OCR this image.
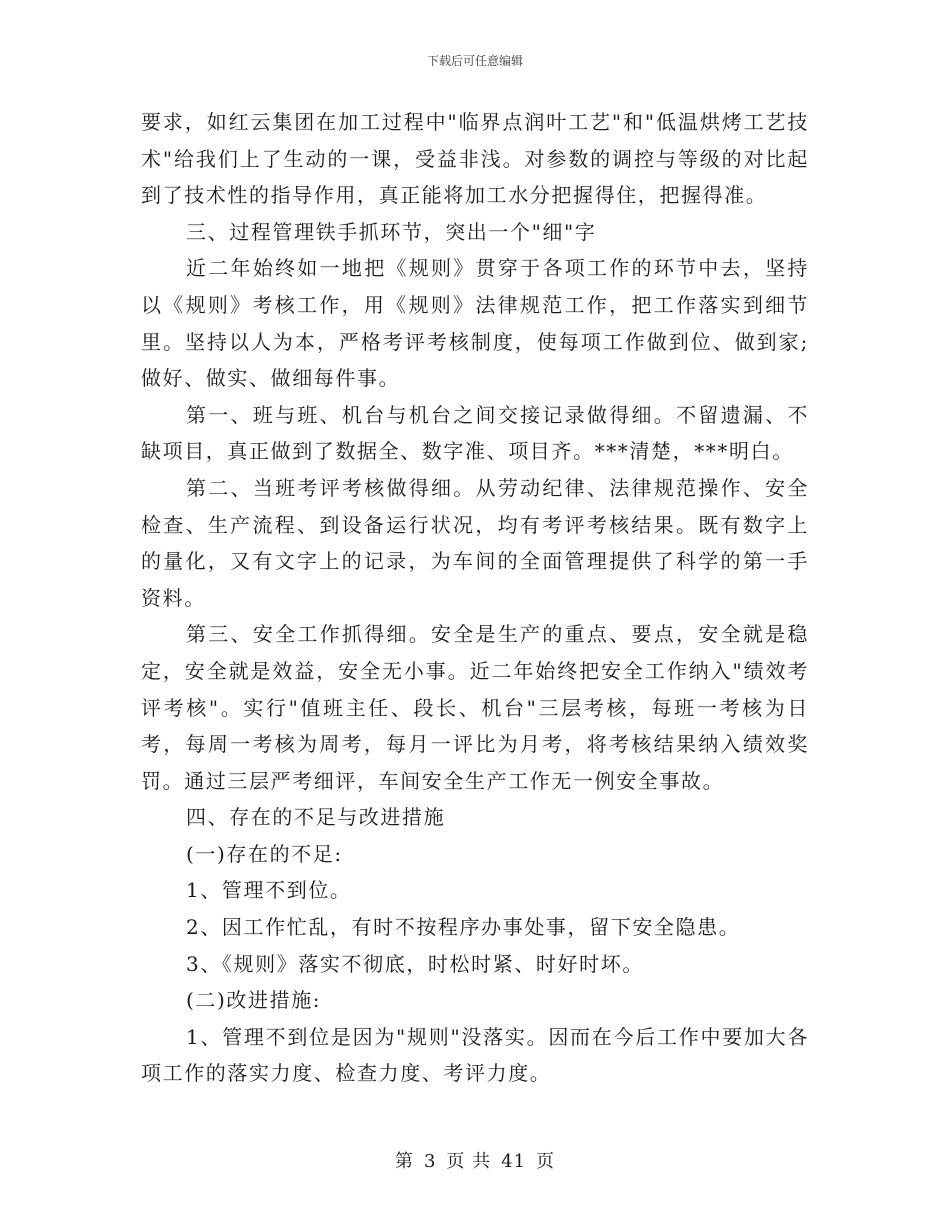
下载后可任意编辑

要求，如红云集团在加工过程中"临界点润叶工艺"和"低温烘烤工艺技术"给我们上了生动的一课，受益非浅。对参数的调控与等级的对比起到了技术性的指导作用，真正能将加工水分把握得住，把握得准。

三、过程管理铁手抓环节，突出一个"细"字

近二年始终如一地把《规则》贯穿于各项工作的环节中去，坚持以《规则》考核工作，用《规则》法律规范工作，把工作落实到细节里。坚持以人为本，严格考评考核制度，使每项工作做到位、做到家;做好、做实、做细每件事。

第一、班与班、机台与机台之间交接记录做得细。不留遗漏、不缺项目，真正做到了数据全、数字准、项目齐。***清楚，***明白。

第二、当班考评考核做得细。从劳动纪律、法律规范操作、安全检查、生产流程、到设备运行状况，均有考评考核结果。既有数字上的量化，又有文字上的记录，为车间的全面管理提供了科学的第一手资料。

第三、安全工作抓得细。安全是生产的重点、要点，安全就是稳定，安全就是效益，安全无小事。近二年始终把安全工作纳入"绩效考评考核"。实行"值班主任、段长、机台"三层考核，每班一考核为日考，每周一考核为周考，每月一评比为月考，将考核结果纳入绩效奖罚。通过三层严考细评，车间安全生产工作无一例安全事故。

四、存在的不足与改进措施

(一)存在的不足:

1、管理不到位。

2、因工作忙乱，有时不按程序办事处事，留下安全隐患。

3、《规则》落实不彻底，时松时紧、时好时坏。

(二)改进措施:

1、管理不到位是因为"规则"没落实。因而在今后工作中要加大各项工作的落实力度、检查力度、考评力度。

第 3 页 共 41 页
